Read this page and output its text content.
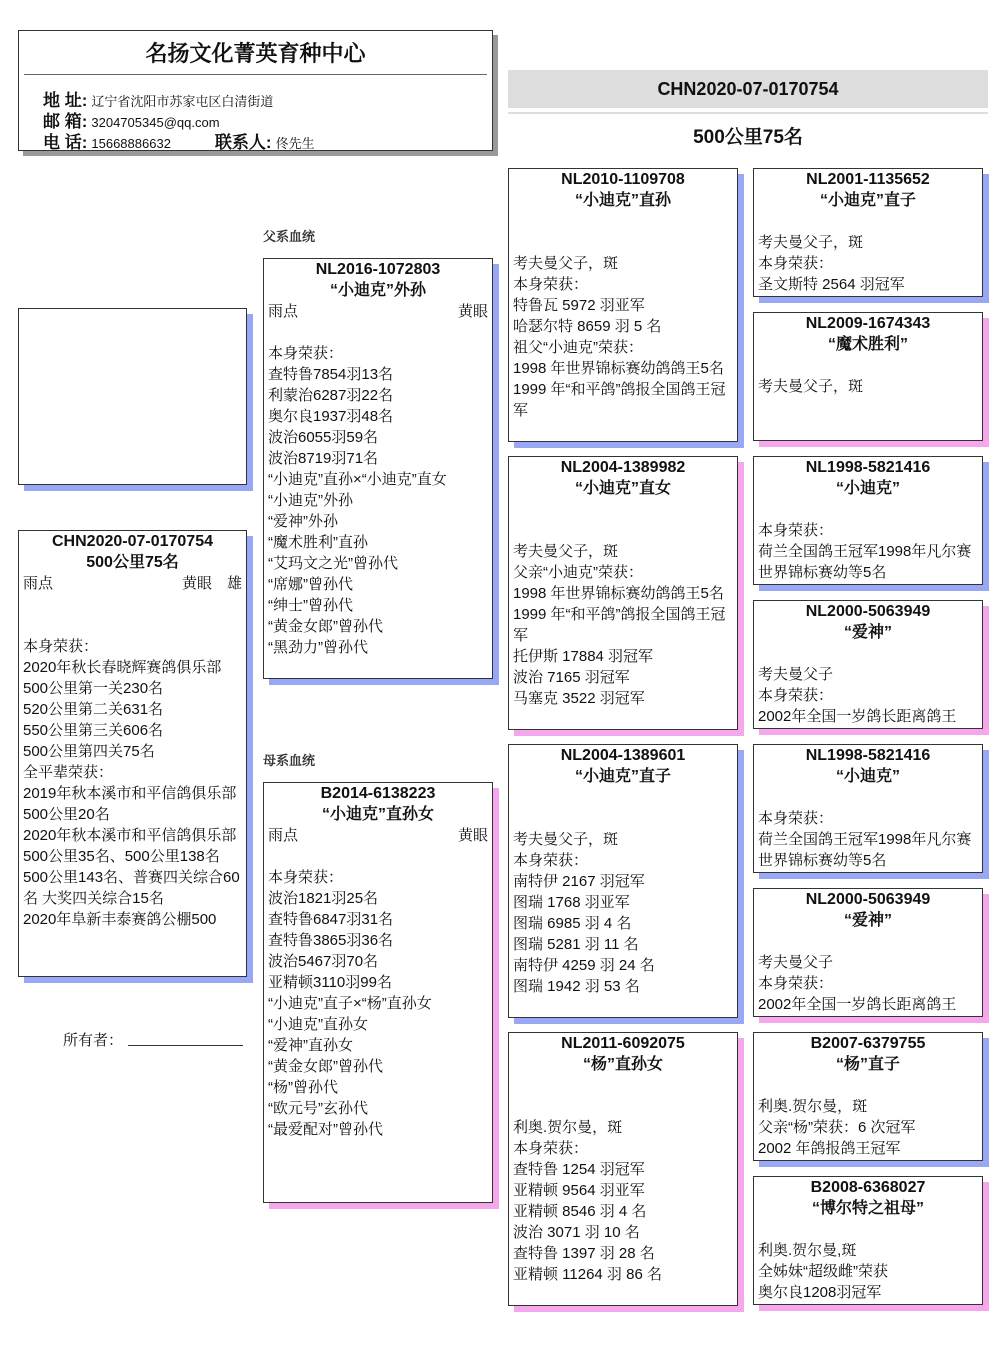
名扬文化菁英育种中心
地 址: 辽宁省沈阳市苏家屯区白清街道
邮 箱: 3204705345@qq.com
电 话: 15668886632	联系人: 佟先生
CHN2020-07-0170754
500公里75名
父系血统
母系血统
所有者：
CHN2020-07-0170754
500公里75名
雨点	黄眼　雄
本身荣获：
2020年秋长春晓辉赛鸽俱乐部
500公里第一关230名
520公里第二关631名
550公里第三关606名
500公里第四关75名
全平辈荣获：
2019年秋本溪市和平信鸽俱乐部500公里20名
2020年秋本溪市和平信鸽俱乐部500公里35名、500公里138名
500公里143名、普赛四关综合60名 大奖四关综合15名
2020年阜新丰泰赛鸽公棚500
NL2016-1072803
“小迪克”外孙
雨点	黄眼
本身荣获：
查特鲁7854羽13名
利蒙治6287羽22名
奥尔良1937羽48名
波治6055羽59名
波治8719羽71名
“小迪克”直孙×“小迪克”直女
“小迪克”外孙
“爱神”外孙
“魔术胜利”直孙
“艾玛文之光”曾孙代
“席娜”曾孙代
“绅士”曾孙代
“黄金女郎”曾孙代
“黑劲力”曾孙代
B2014-6138223
“小迪克”直孙女
雨点	黄眼
本身荣获：
波治1821羽25名
查特鲁6847羽31名
查特鲁3865羽36名
波治5467羽70名
亚精顿3110羽99名
“小迪克”直子×“杨”直孙女
“小迪克”直孙女
“爱神”直孙女
“黄金女郎”曾孙代
“杨”曾孙代
“欧元号”玄孙代
“最爱配对”曾孙代
NL2010-1109708
“小迪克”直孙
考夫曼父子，斑
本身荣获：
特鲁瓦 5972 羽亚军
哈瑟尔特 8659 羽 5 名
祖父“小迪克”荣获：
1998 年世界锦标赛幼鸽鸽王5名
1999 年“和平鸽”鸽报全国鸽王冠军
NL2004-1389982
“小迪克”直女
考夫曼父子，斑
父亲“小迪克”荣获：
1998 年世界锦标赛幼鸽鸽王5名
1999 年“和平鸽”鸽报全国鸽王冠军
托伊斯 17884 羽冠军
波治 7165 羽冠军
马塞克 3522 羽冠军
NL2004-1389601
“小迪克”直子
考夫曼父子，斑
本身荣获：
南特伊 2167 羽冠军
图瑞 1768 羽亚军
图瑞 6985 羽 4 名
图瑞 5281 羽 11 名
南特伊 4259 羽 24 名
图瑞 1942 羽 53 名
NL2011-6092075
“杨”直孙女
利奥.贺尔曼，斑
本身荣获：
查特鲁 1254 羽冠军
亚精顿 9564 羽亚军
亚精顿 8546 羽 4 名
波治 3071 羽 10 名
查特鲁 1397 羽 28 名
亚精顿 11264 羽 86 名
NL2001-1135652
“小迪克”直子
考夫曼父子，斑
本身荣获：
圣文斯特 2564 羽冠军
NL2009-1674343
“魔术胜利”
考夫曼父子，斑
NL1998-5821416
“小迪克”
本身荣获：
荷兰全国鸽王冠军1998年凡尔赛世界锦标赛幼等5名
NL2000-5063949
“爱神”
考夫曼父子
本身荣获：
2002年全国一岁鸽长距离鸽王
NL1998-5821416
“小迪克”
本身荣获：
荷兰全国鸽王冠军1998年凡尔赛世界锦标赛幼等5名
NL2000-5063949
“爱神”
考夫曼父子
本身荣获：
2002年全国一岁鸽长距离鸽王
B2007-6379755
“杨”直子
利奥.贺尔曼，斑
父亲“杨”荣获：6 次冠军
2002 年鸽报鸽王冠军
B2008-6368027
“博尔特之祖母”
利奥.贺尔曼,斑
全姊妹“超级雌”荣获
奥尔良1208羽冠军
